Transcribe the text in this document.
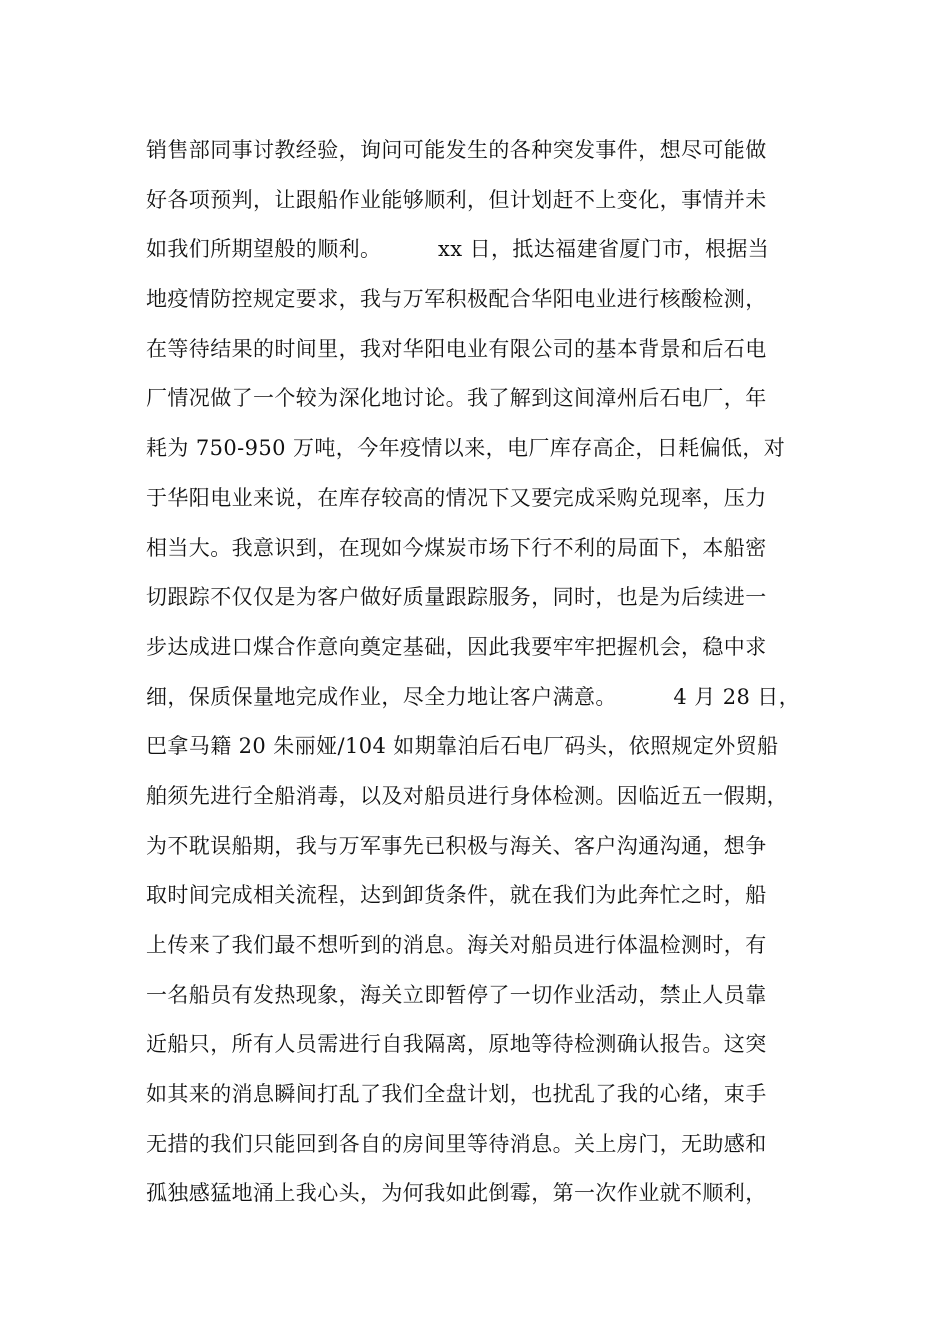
销售部同事讨教经验，询问可能发生的各种突发事件，想尽可能做
好各项预判，让跟船作业能够顺利，但计划赶不上变化，事情并未
如我们所期望般的顺利。        xx 日，抵达福建省厦门市，根据当
地疫情防控规定要求，我与万军积极配合华阳电业进行核酸检测，
在等待结果的时间里，我对华阳电业有限公司的基本背景和后石电
厂情况做了一个较为深化地讨论。我了解到这间漳州后石电厂，年
耗为 750-950 万吨，今年疫情以来，电厂库存高企，日耗偏低，对
于华阳电业来说，在库存较高的情况下又要完成采购兑现率，压力
相当大。我意识到，在现如今煤炭市场下行不利的局面下，本船密
切跟踪不仅仅是为客户做好质量跟踪服务，同时，也是为后续进一
步达成进口煤合作意向奠定基础，因此我要牢牢把握机会，稳中求
细，保质保量地完成作业，尽全力地让客户满意。        4 月 28 日，
巴拿马籍 20 朱丽娅/104 如期靠泊后石电厂码头，依照规定外贸船
舶须先进行全船消毒，以及对船员进行身体检测。因临近五一假期，
为不耽误船期，我与万军事先已积极与海关、客户沟通沟通，想争
取时间完成相关流程，达到卸货条件，就在我们为此奔忙之时，船
上传来了我们最不想听到的消息。海关对船员进行体温检测时，有
一名船员有发热现象，海关立即暂停了一切作业活动，禁止人员靠
近船只，所有人员需进行自我隔离，原地等待检测确认报告。这突
如其来的消息瞬间打乱了我们全盘计划，也扰乱了我的心绪，束手
无措的我们只能回到各自的房间里等待消息。关上房门，无助感和
孤独感猛地涌上我心头，为何我如此倒霉，第一次作业就不顺利，
